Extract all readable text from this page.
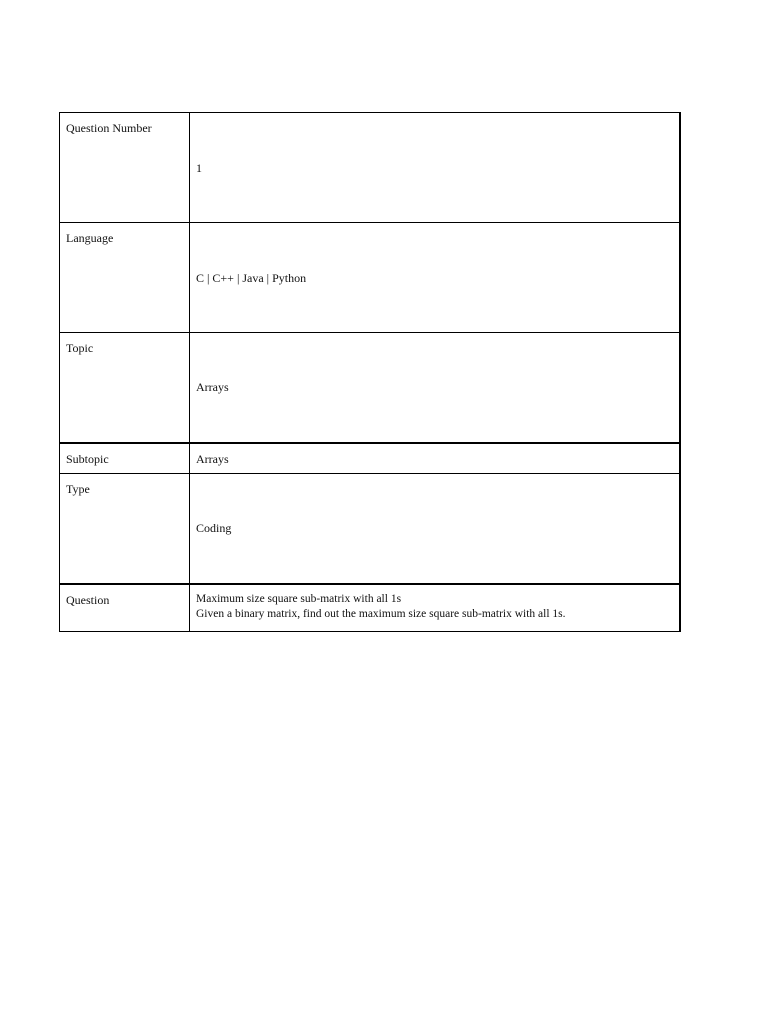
Question Number	1
Language	C | C++ | Java | Python
Topic	Arrays
Subtopic	Arrays
Type	Coding
Question	Maximum size square sub-matrix with all 1s
Given a binary matrix, find out the maximum size square sub-matrix with all 1s.
